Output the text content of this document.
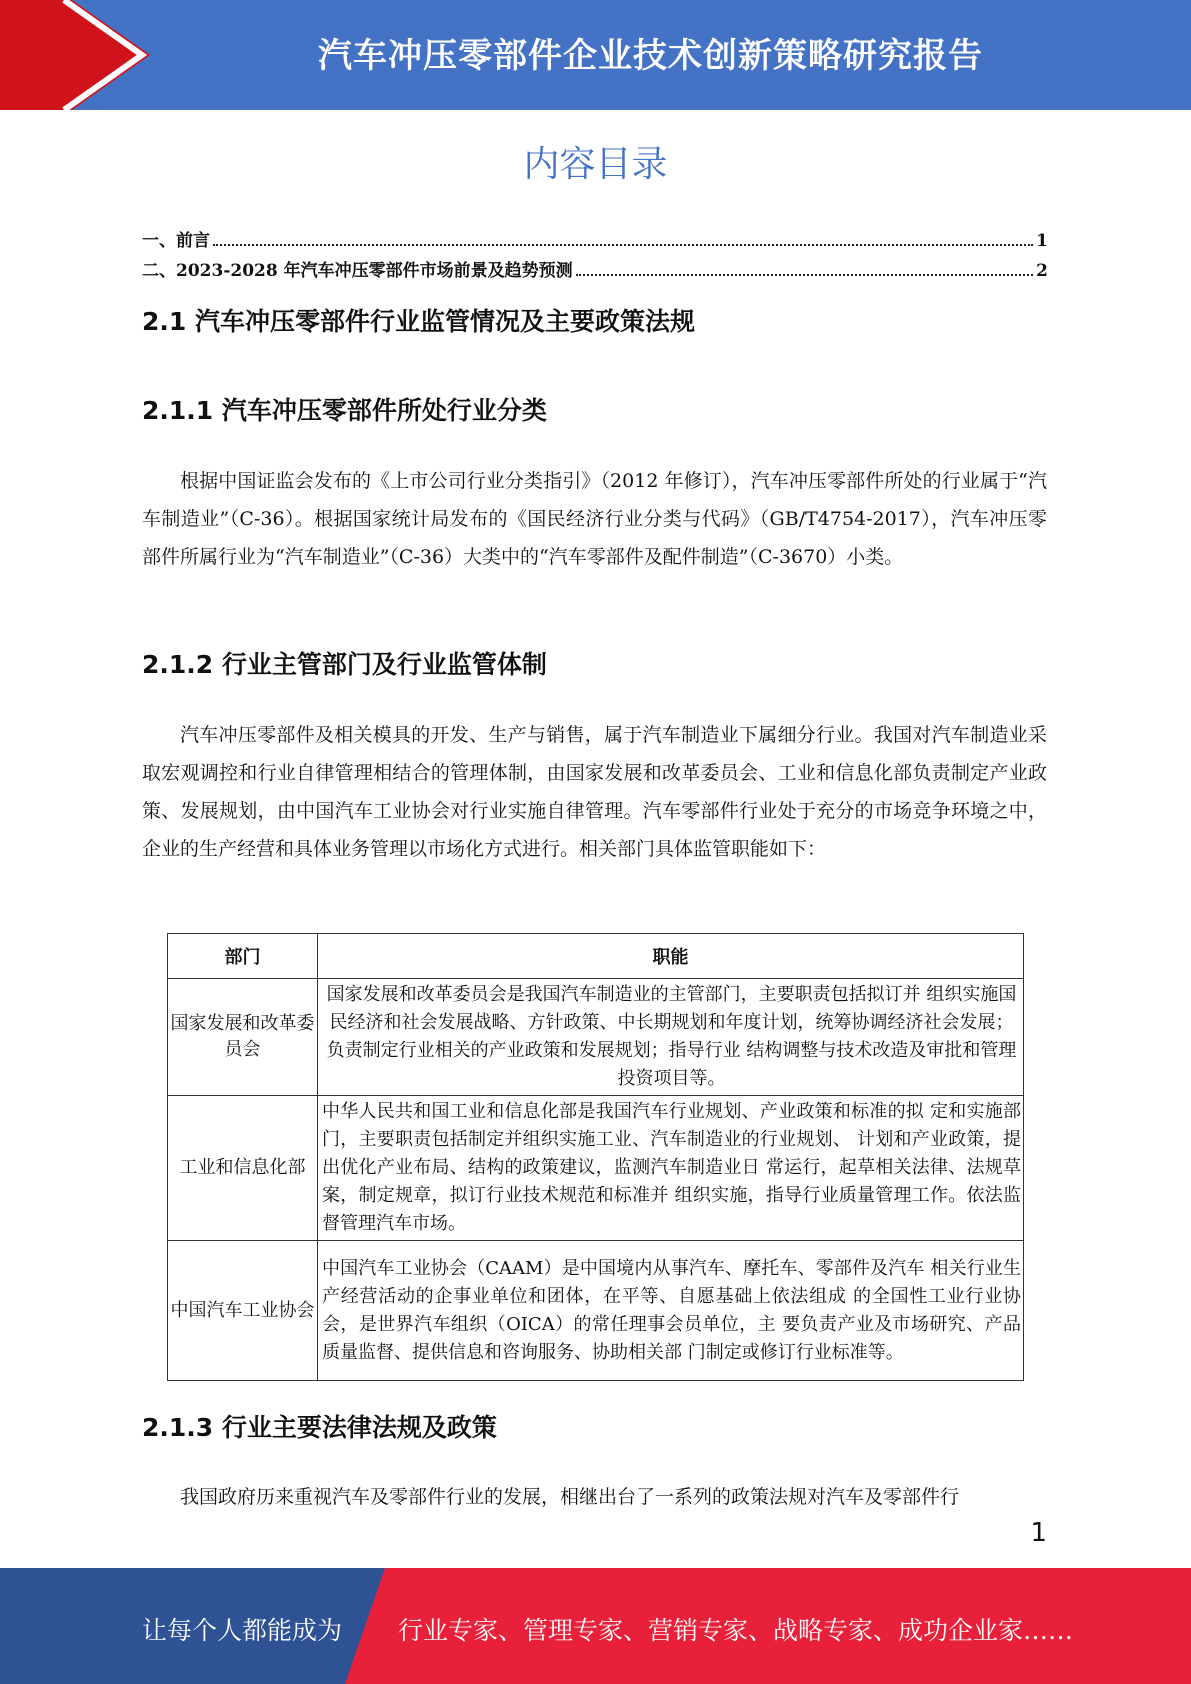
汽车冲压零部件企业技术创新策略研究报告
内容目录
一、前言	1
二、2023-2028 年汽车冲压零部件市场前景及趋势预测	2
2.1 汽车冲压零部件行业监管情况及主要政策法规
2.1.1 汽车冲压零部件所处行业分类
根据中国证监会发布的《上市公司行业分类指引》（2012 年修订），汽车冲压零部件所处的行业属于“汽车制造业”（C-36）。根据国家统计局发布的《国民经济行业分类与代码》（GB/T4754-2017），汽车冲压零部件所属行业为“汽车制造业”（C-36）大类中的“汽车零部件及配件制造”（C-3670）小类。
2.1.2 行业主管部门及行业监管体制
汽车冲压零部件及相关模具的开发、生产与销售，属于汽车制造业下属细分行业。我国对汽车制造业采取宏观调控和行业自律管理相结合的管理体制，由国家发展和改革委员会、工业和信息化部负责制定产业政策、发展规划，由中国汽车工业协会对行业实施自律管理。汽车零部件行业处于充分的市场竞争环境之中，企业的生产经营和具体业务管理以市场化方式进行。相关部门具体监管职能如下：
部门	职能
国家发展和改革委员会	国家发展和改革委员会是我国汽车制造业的主管部门，主要职责包括拟订并 组织实施国民经济和社会发展战略、方针政策、中长期规划和年度计划，统筹协调经济社会发展；负责制定行业相关的产业政策和发展规划；指导行业 结构调整与技术改造及审批和管理投资项目等。
工业和信息化部	中华人民共和国工业和信息化部是我国汽车行业规划、产业政策和标准的拟 定和实施部门，主要职责包括制定并组织实施工业、汽车制造业的行业规划、 计划和产业政策，提出优化产业布局、结构的政策建议，监测汽车制造业日 常运行，起草相关法律、法规草案，制定规章，拟订行业技术规范和标准并 组织实施，指导行业质量管理工作。依法监督管理汽车市场。
中国汽车工业协会	中国汽车工业协会（CAAM）是中国境内从事汽车、摩托车、零部件及汽车 相关行业生产经营活动的企事业单位和团体，在平等、自愿基础上依法组成 的全国性工业行业协会，是世界汽车组织（OICA）的常任理事会员单位，主 要负责产业及市场研究、产品质量监督、提供信息和咨询服务、协助相关部 门制定或修订行业标准等。
2.1.3 行业主要法律法规及政策
我国政府历来重视汽车及零部件行业的发展，相继出台了一系列的政策法规对汽车及零部件行
1
让每个人都能成为 行业专家、管理专家、营销专家、战略专家、成功企业家……
